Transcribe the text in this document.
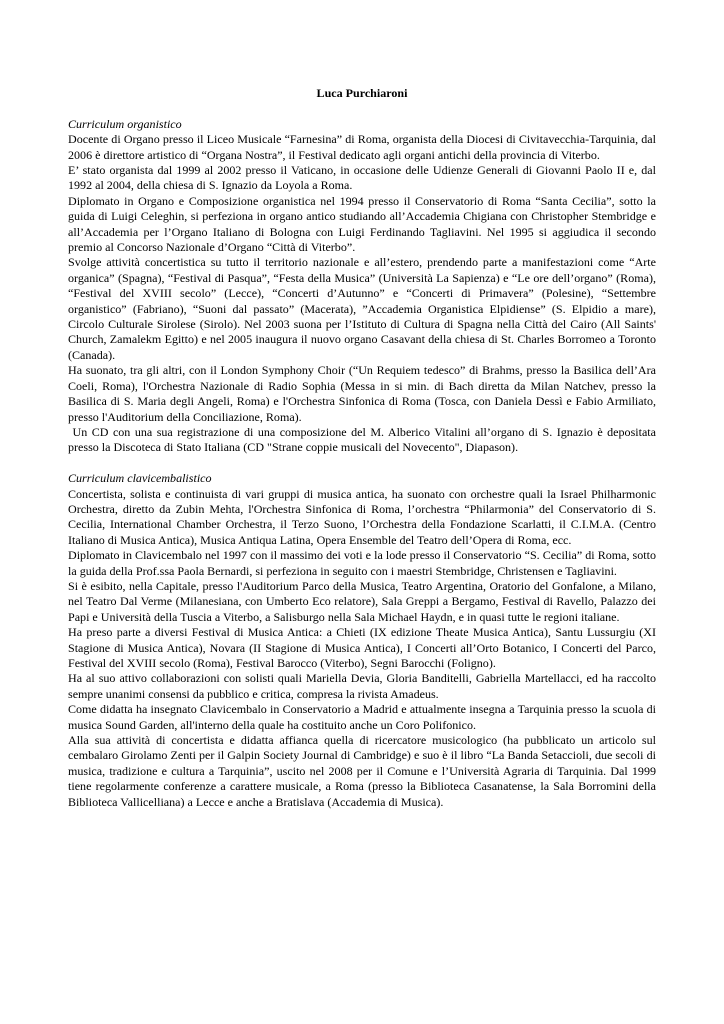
Luca Purchiaroni

Curriculum organistico

Docente di Organo presso il Liceo Musicale “Farnesina” di Roma, organista della Diocesi di Civitavecchia-Tarquinia, dal 2006 è direttore artistico di “Organa Nostra”, il Festival dedicato agli organi antichi della provincia di Viterbo.

E’ stato organista dal 1999 al 2002 presso il Vaticano, in occasione delle Udienze Generali di Giovanni Paolo II e, dal 1992 al 2004, della chiesa di S. Ignazio da Loyola a Roma.

Diplomato in Organo e Composizione organistica nel 1994 presso il Conservatorio di Roma “Santa Cecilia”, sotto la guida di Luigi Celeghin, si perfeziona in organo antico studiando all’Accademia Chigiana con Christopher Stembridge e all’Accademia per l’Organo Italiano di Bologna con Luigi Ferdinando Tagliavini. Nel 1995 si aggiudica il secondo premio al Concorso Nazionale d’Organo “Città di Viterbo”.

Svolge attività concertistica su tutto il territorio nazionale e all’estero, prendendo parte a manifestazioni come “Arte organica” (Spagna), “Festival di Pasqua”, “Festa della Musica” (Università La Sapienza) e “Le ore dell’organo” (Roma), “Festival del XVIII secolo” (Lecce), “Concerti d’Autunno” e “Concerti di Primavera” (Polesine), “Settembre organistico” (Fabriano), “Suoni dal passato” (Macerata), ”Accademia Organistica Elpidiense” (S. Elpidio a mare), Circolo Culturale Sirolese (Sirolo). Nel 2003 suona per l’Istituto di Cultura di Spagna nella Città del Cairo (All Saints' Church, Zamalekm Egitto) e nel 2005 inaugura il nuovo organo Casavant della chiesa di St. Charles Borromeo a Toronto (Canada).

Ha suonato, tra gli altri, con il London Symphony Choir (“Un Requiem tedesco” di Brahms, presso la Basilica dell’Ara Coeli, Roma), l'Orchestra Nazionale di Radio Sophia (Messa in si min. di Bach diretta da Milan Natchev, presso la Basilica di S. Maria degli Angeli, Roma) e l'Orchestra Sinfonica di Roma (Tosca, con Daniela Dessì e Fabio Armiliato, presso l'Auditorium della Conciliazione, Roma).

Un CD con una sua registrazione di una composizione del M. Alberico Vitalini all’organo di S. Ignazio è depositata presso la Discoteca di Stato Italiana (CD "Strane coppie musicali del Novecento", Diapason).

Curriculum clavicembalistico

Concertista, solista e continuista di vari gruppi di musica antica, ha suonato con orchestre quali la Israel Philharmonic Orchestra, diretto da Zubin Mehta, l'Orchestra Sinfonica di Roma, l’orchestra “Philarmonia” del Conservatorio di S. Cecilia, International Chamber Orchestra, il Terzo Suono, l’Orchestra della Fondazione Scarlatti, il C.I.M.A. (Centro Italiano di Musica Antica), Musica Antiqua Latina, Opera Ensemble del Teatro dell’Opera di Roma, ecc.

Diplomato in Clavicembalo nel 1997 con il massimo dei voti e la lode presso il Conservatorio “S. Cecilia” di Roma, sotto la guida della Prof.ssa Paola Bernardi, si perfeziona in seguito con i maestri Stembridge, Christensen e Tagliavini.

Si è esibito, nella Capitale, presso l'Auditorium Parco della Musica, Teatro Argentina, Oratorio del Gonfalone, a Milano, nel Teatro Dal Verme (Milanesiana, con Umberto Eco relatore), Sala Greppi a Bergamo, Festival di Ravello, Palazzo dei Papi e Università della Tuscia a Viterbo, a Salisburgo nella Sala Michael Haydn, e in quasi tutte le regioni italiane.

Ha preso parte a diversi Festival di Musica Antica: a Chieti (IX edizione Theate Musica Antica), Santu Lussurgiu (XI Stagione di Musica Antica), Novara (II Stagione di Musica Antica), I Concerti all’Orto Botanico, I Concerti del Parco, Festival del XVIII secolo (Roma), Festival Barocco (Viterbo), Segni Barocchi (Foligno).

Ha al suo attivo collaborazioni con solisti quali Mariella Devia, Gloria Banditelli, Gabriella Martellacci, ed ha raccolto sempre unanimi consensi da pubblico e critica, compresa la rivista Amadeus.

Come didatta ha insegnato Clavicembalo in Conservatorio a Madrid e attualmente insegna a Tarquinia presso la scuola di musica Sound Garden, all'interno della quale ha costituito anche un Coro Polifonico.

Alla sua attività di concertista e didatta affianca quella di ricercatore musicologico (ha pubblicato un articolo sul cembalaro Girolamo Zenti per il Galpin Society Journal di Cambridge) e suo è il libro “La Banda Setaccioli, due secoli di musica, tradizione e cultura a Tarquinia”, uscito nel 2008 per il Comune e l’Università Agraria di Tarquinia. Dal 1999 tiene regolarmente conferenze a carattere musicale, a Roma (presso la Biblioteca Casanatense, la Sala Borromini della Biblioteca Vallicelliana) a Lecce e anche a Bratislava (Accademia di Musica).
